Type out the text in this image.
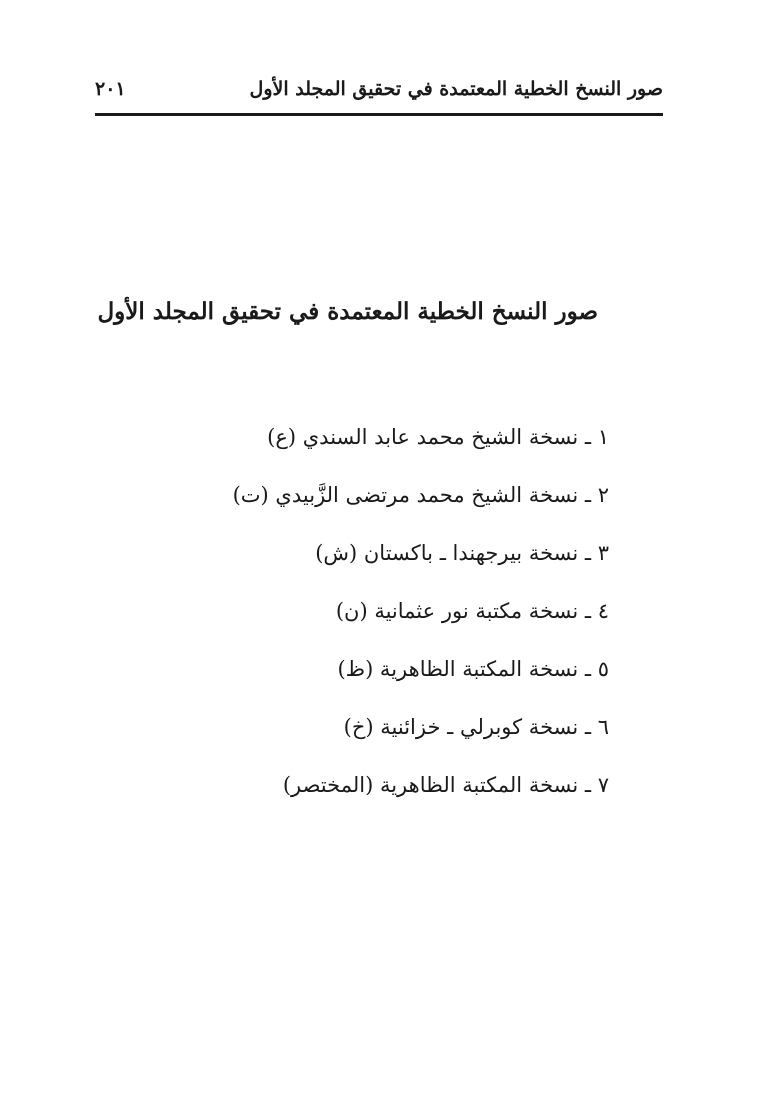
صور النسخ الخطية المعتمدة في تحقيق المجلد الأول
٢٠١
صور النسخ الخطية المعتمدة في تحقيق المجلد الأول
١ ـ نسخة الشيخ محمد عابد السندي (ع)
٢ ـ نسخة الشيخ محمد مرتضى الزَّبيدي (ت)
٣ ـ نسخة بيرجهندا ـ باكستان (ش)
٤ ـ نسخة مكتبة نور عثمانية (ن)
٥ ـ نسخة المكتبة الظاهرية (ظ)
٦ ـ نسخة كوبرلي ـ خزائنية (خ)
٧ ـ نسخة المكتبة الظاهرية (المختصر)
